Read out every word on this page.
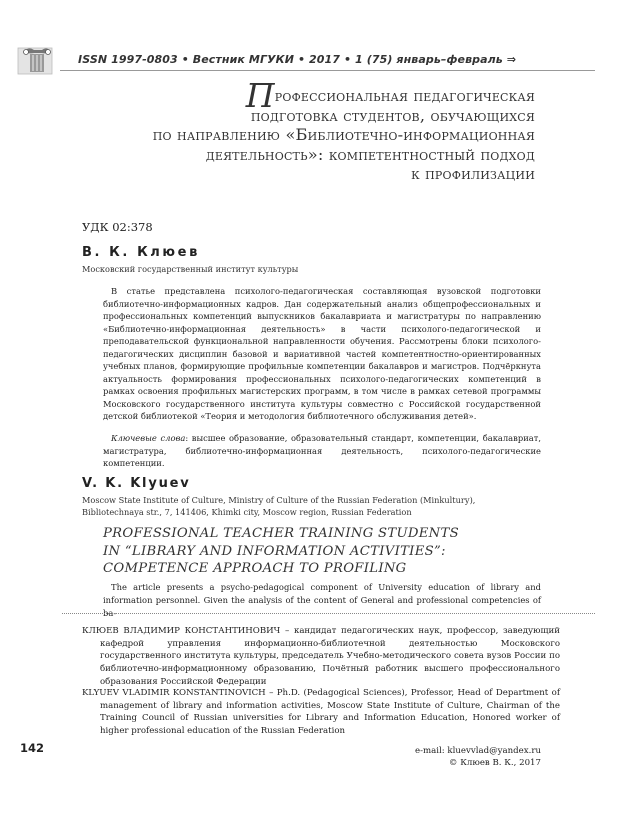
ISSN 1997-0803 • Вестник МГУКИ • 2017 • 1 (75) январь–февраль ⇒
Профессиональная педагогическая
подготовка студентов, обучающихся
по направлению «Библиотечно-информационная
деятельность»: компетентностный подход
к профилизации
УДК 02:378
В. К. Клюев
Московский государственный институт культуры
В статье представлена психолого-педагогическая составляющая вузовской подготовки библиотечно-информационных кадров. Дан содержательный анализ общепрофессиональных и профессиональных компетенций выпускников бакалавриата и магистратуры по направлению «Библиотечно-информационная деятельность» в части психолого-педагогической и преподавательской функциональной направленности обучения. Рассмотрены блоки психолого-педагогических дисциплин базовой и вариативной частей компетентностно-ориентированных учебных планов, формирующие профильные компетенции бакалавров и магистров. Подчёркнута актуальность формирования профессиональных психолого-педагогических компетенций в рамках освоения профильных магистерских программ, в том числе в рамках сетевой программы Московского государственного института культуры совместно с Российской государственной детской библиотекой «Теория и методология библиотечного обслуживания детей».
Ключевые слова: высшее образование, образовательный стандарт, компетенции, бакалавриат, магистратура, библиотечно-информационная деятельность, психолого-педагогические компетенции.
V. K. Klyuev
Moscow State Institute of Culture, Ministry of Culture of the Russian Federation (Minkulturу),
Bibliotechnaya str., 7, 141406, Khimki city, Moscow region, Russian Federation
PROFESSIONAL TEACHER TRAINING STUDENTS
IN “LIBRARY AND INFORMATION ACTIVITIES”:
COMPETENCE APPROACH TO PROFILING
The article presents a psycho-pedagogical component of University education of library and information personnel. Given the analysis of the content of General and professional competencies of ba-
КЛЮЕВ ВЛАДИМИР КОНСТАНТИНОВИЧ – кандидат педагогических наук, профессор, заведующий кафедрой управления информационно-библиотечной деятельностью Московского государственного института культуры, председатель Учебно-методического совета вузов России по библиотечно-информационному образованию, Почётный работник высшего профессионального образования Российской Федерации
KLYUEV VLADIMIR KONSTANTINOVICH – Ph.D. (Pedagogical Sciences), Professor, Head of Department of management of library and information activities, Moscow State Institute of Culture, Chairman of the Training Council of Russian universities for Library and Information Education, Honored worker of higher professional education of the Russian Federation
142	e-mail: kluevvlad@yandex.ru
© Клюев В. К., 2017
